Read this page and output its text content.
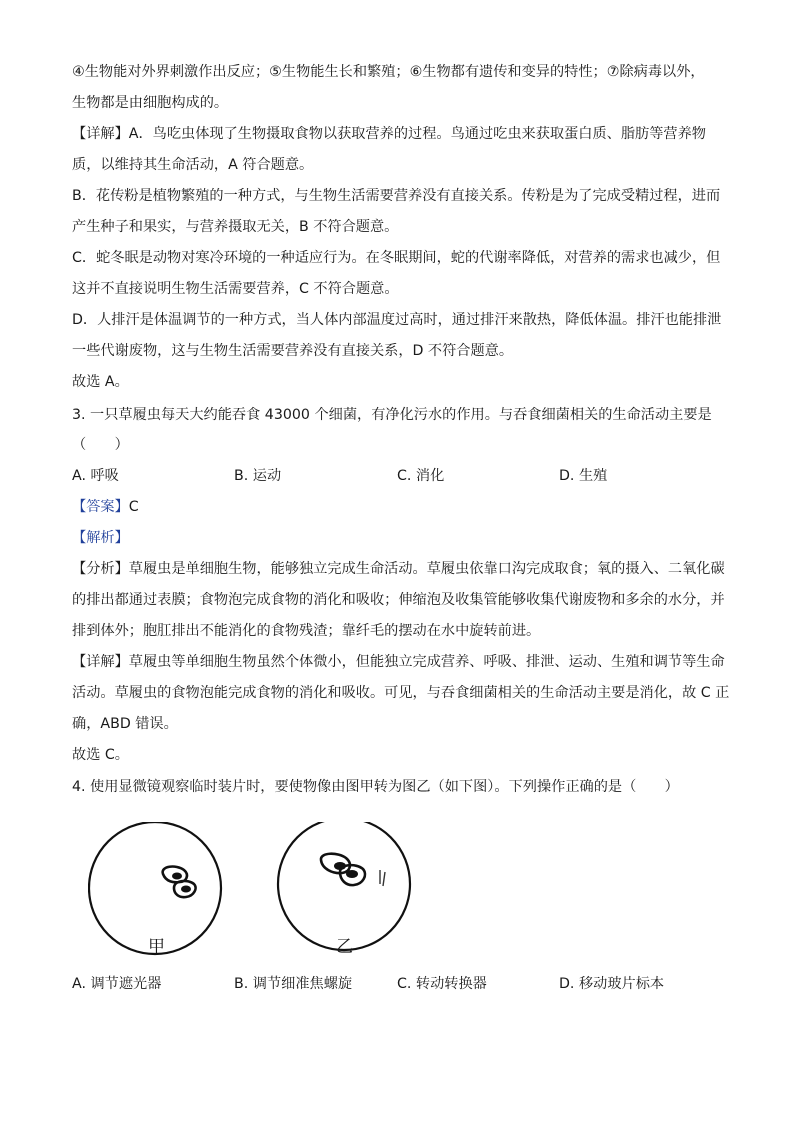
④生物能对外界刺激作出反应；⑤生物能生长和繁殖；⑥生物都有遗传和变异的特性；⑦除病毒以外，
生物都是由细胞构成的。
【详解】A．鸟吃虫体现了生物摄取食物以获取营养的过程。鸟通过吃虫来获取蛋白质、脂肪等营养物
质，以维持其生命活动，A 符合题意。
B．花传粉是植物繁殖的一种方式，与生物生活需要营养没有直接关系。传粉是为了完成受精过程，进而
产生种子和果实，与营养摄取无关，B 不符合题意。
C．蛇冬眠是动物对寒冷环境的一种适应行为。在冬眠期间，蛇的代谢率降低，对营养的需求也减少，但
这并不直接说明生物生活需要营养，C 不符合题意。
D．人排汗是体温调节的一种方式，当人体内部温度过高时，通过排汗来散热，降低体温。排汗也能排泄
一些代谢废物，这与生物生活需要营养没有直接关系，D 不符合题意。
故选 A。
3. 一只草履虫每天大约能吞食 43000 个细菌，有净化污水的作用。与吞食细菌相关的生命活动主要是
（　　）
A. 呼吸	B. 运动	C. 消化	D. 生殖
【答案】C
【解析】
【分析】草履虫是单细胞生物，能够独立完成生命活动。草履虫依靠口沟完成取食；氧的摄入、二氧化碳
的排出都通过表膜；食物泡完成食物的消化和吸收；伸缩泡及收集管能够收集代谢废物和多余的水分，并
排到体外；胞肛排出不能消化的食物残渣；靠纤毛的摆动在水中旋转前进。
【详解】草履虫等单细胞生物虽然个体微小，但能独立完成营养、呼吸、排泄、运动、生殖和调节等生命
活动。草履虫的食物泡能完成食物的消化和吸收。可见，与吞食细菌相关的生命活动主要是消化，故 C 正
确，ABD 错误。
故选 C。
4. 使用显微镜观察临时装片时，要使物像由图甲转为图乙（如下图）。下列操作正确的是（　　）
A. 调节遮光器	B. 调节细准焦螺旋	C. 转动转换器	D. 移动玻片标本
甲	乙
